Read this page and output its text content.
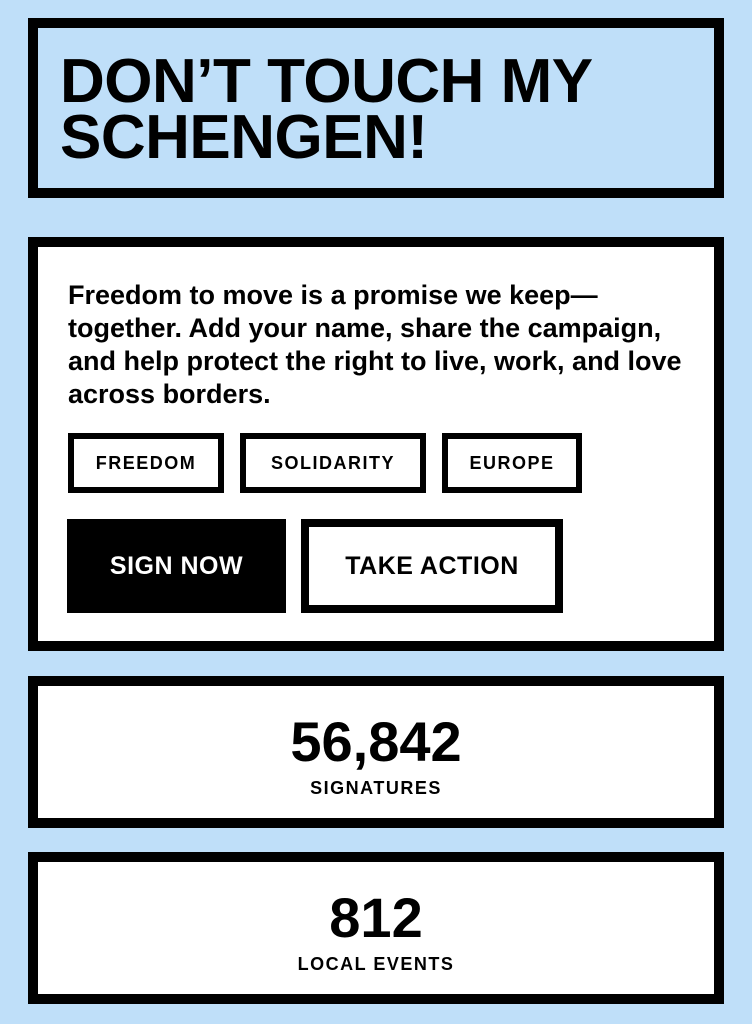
DON’T TOUCH MY
SCHENGEN!

Freedom to move is a promise we keep—together. Add your name, share the campaign, and help protect the right to live, work, and love across borders.

FREEDOM	SOLIDARITY	EUROPE
SIGN NOW	TAKE ACTION
56,842
SIGNATURES
812
LOCAL EVENTS
